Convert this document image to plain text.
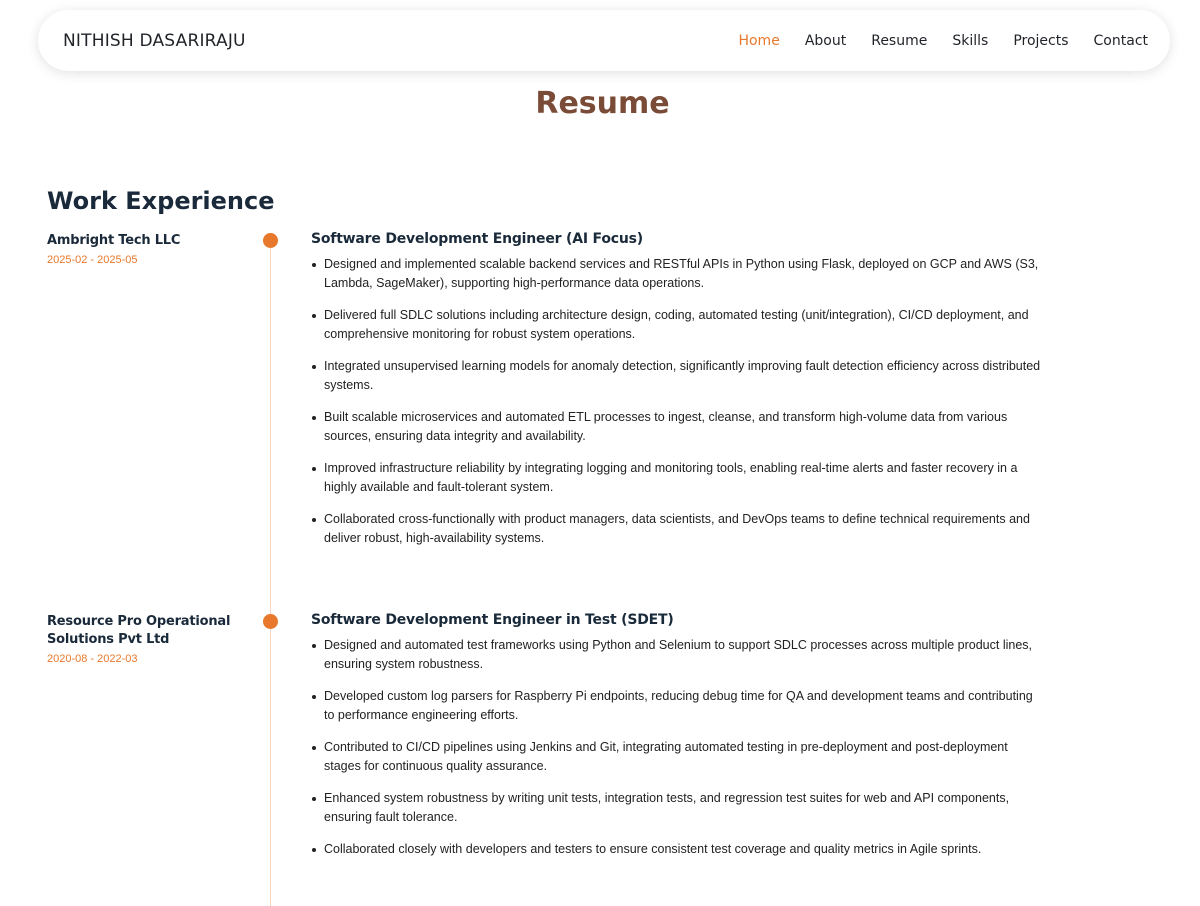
NITHISH DASARIRAJU	Home About Resume Skills Projects Contact
Resume
Work Experience
Ambright Tech LLC
2025-02 - 2025-05
Software Development Engineer (AI Focus)
Designed and implemented scalable backend services and RESTful APIs in Python using Flask, deployed on GCP and AWS (S3, Lambda, SageMaker), supporting high-performance data operations.
Delivered full SDLC solutions including architecture design, coding, automated testing (unit/integration), CI/CD deployment, and comprehensive monitoring for robust system operations.
Integrated unsupervised learning models for anomaly detection, significantly improving fault detection efficiency across distributed systems.
Built scalable microservices and automated ETL processes to ingest, cleanse, and transform high-volume data from various sources, ensuring data integrity and availability.
Improved infrastructure reliability by integrating logging and monitoring tools, enabling real-time alerts and faster recovery in a highly available and fault-tolerant system.
Collaborated cross-functionally with product managers, data scientists, and DevOps teams to define technical requirements and deliver robust, high-availability systems.
Resource Pro Operational Solutions Pvt Ltd
2020-08 - 2022-03
Software Development Engineer in Test (SDET)
Designed and automated test frameworks using Python and Selenium to support SDLC processes across multiple product lines, ensuring system robustness.
Developed custom log parsers for Raspberry Pi endpoints, reducing debug time for QA and development teams and contributing to performance engineering efforts.
Contributed to CI/CD pipelines using Jenkins and Git, integrating automated testing in pre-deployment and post-deployment stages for continuous quality assurance.
Enhanced system robustness by writing unit tests, integration tests, and regression test suites for web and API components, ensuring fault tolerance.
Collaborated closely with developers and testers to ensure consistent test coverage and quality metrics in Agile sprints.
